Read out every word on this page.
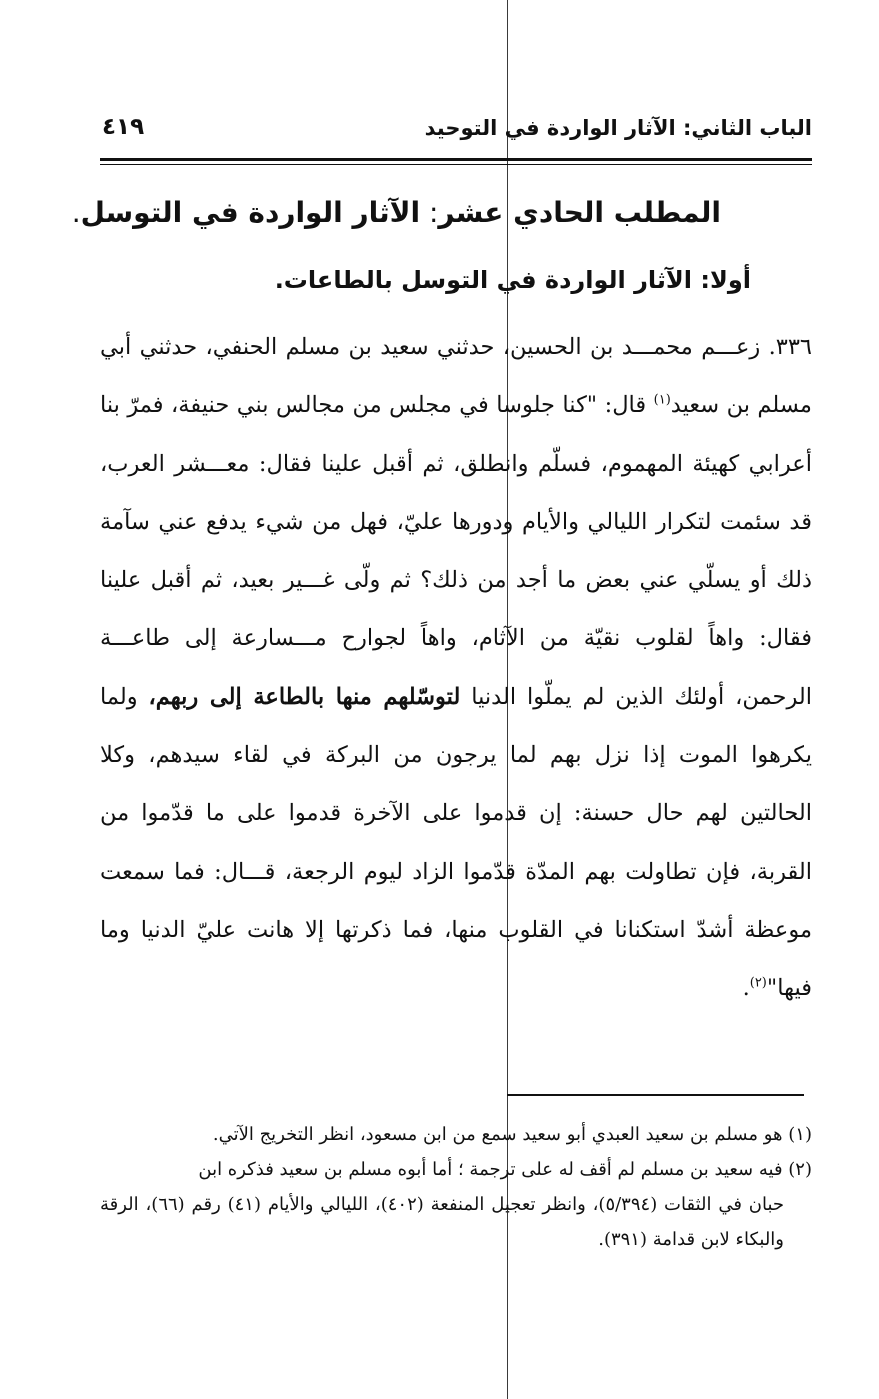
الباب الثاني: الآثار الواردة في التوحيد
٤١٩
المطلب الحادي عشر: الآثار الواردة في التوسل.
أولا: الآثار الواردة في التوسل بالطاعات.
٣٣٦. زعـــم محمـــد بن الحسين، حدثني سعيد بن مسلم الحنفي، حدثني أبي مسلم بن سعيد$^{(١)}$ قال: "كنا جلوسا في مجلس من مجالس بني حنيفة، فمرّ بنا أعرابي كهيئة المهموم، فسلّم وانطلق، ثم أقبل علينا فقال: معـــشر العرب، قد سئمت لتكرار الليالي والأيام ودورها عليّ، فهل من شيء يدفع عني سآمة ذلك أو يسلّي عني بعض ما أجد من ذلك؟ ثم ولّى غـــير بعيد، ثم أقبل علينا فقال: واهاً لقلوب نقيّة من الآثام، واهاً لجوارح مـــسارعة إلى طاعـــة الرحمن، أولئك الذين لم يملّوا الدنيا لتوسّلهم منها بالطاعة إلى ربهم، ولما يكرهوا الموت إذا نزل بهم لما يرجون من البركة في لقاء سيدهم، وكلا الحالتين لهم حال حسنة: إن قدموا على الآخرة قدموا على ما قدّموا من القربة، فإن تطاولت بهم المدّة قدّموا الزاد ليوم الرجعة، قـــال: فما سمعت موعظة أشدّ استكنانا في القلوب منها، فما ذكرتها إلا هانت عليّ الدنيا وما فيها"$^{(٢)}$.
(١) هو مسلم بن سعيد العبدي أبو سعيد سمع من ابن مسعود، انظر التخريج الآتي.
(٢) فيه سعيد بن مسلم لم أقف له على ترجمة ؛ أما أبوه مسلم بن سعيد فذكره ابن
حبان في الثقات (٥/٣٩٤)، وانظر تعجيل المنفعة (٤٠٢)، الليالي والأيام (٤١) رقم (٦٦)، الرقة والبكاء لابن قدامة (٣٩١).
